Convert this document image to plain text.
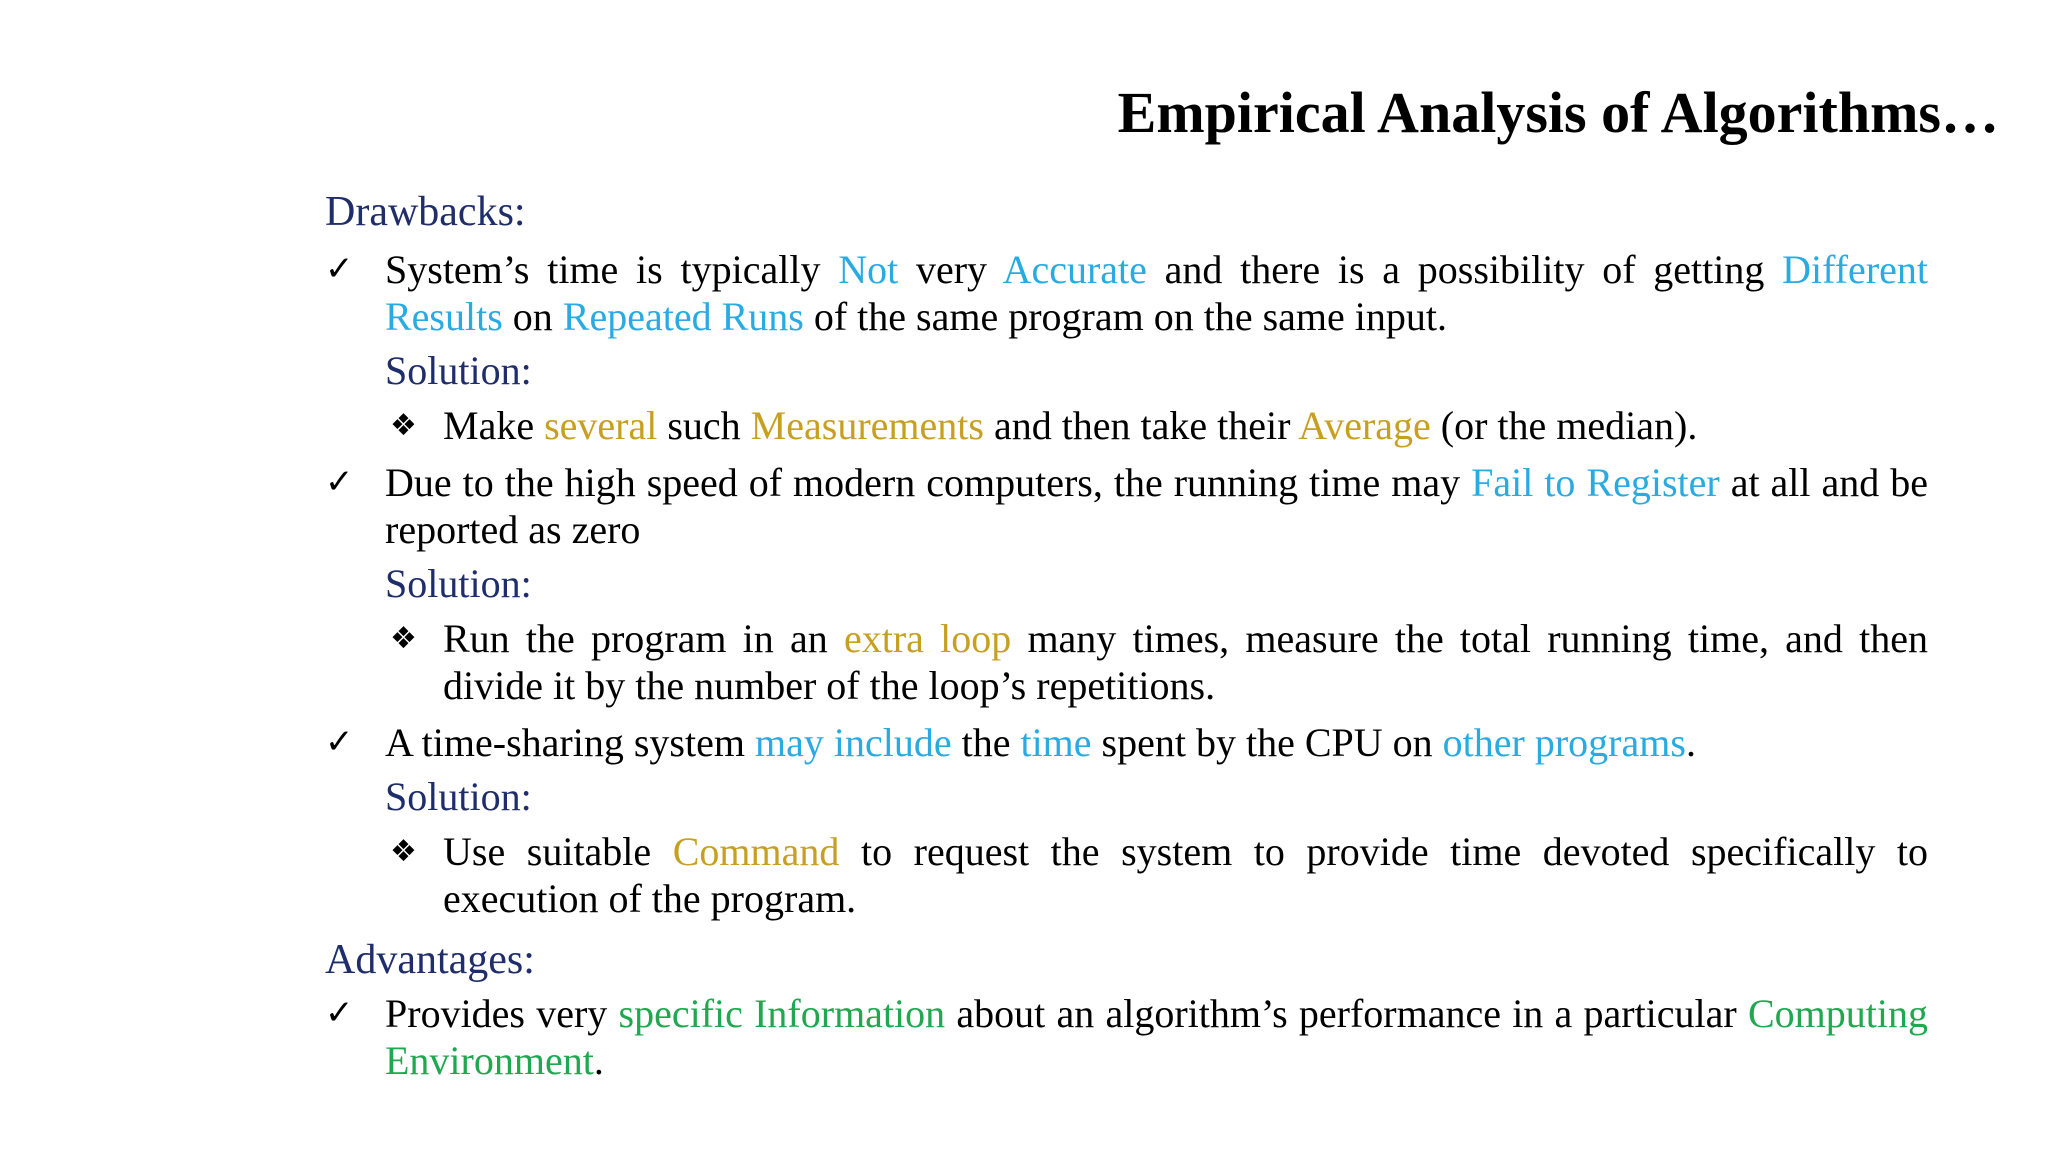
Empirical Analysis of Algorithms…
Drawbacks:
✓ System’s time is typically Not very Accurate and there is a possibility of getting Different Results on Repeated Runs of the same program on the same input.
Solution:
❖ Make several such Measurements and then take their Average (or the median).
✓ Due to the high speed of modern computers, the running time may Fail to Register at all and be reported as zero
Solution:
❖ Run the program in an extra loop many times, measure the total running time, and then divide it by the number of the loop’s repetitions.
✓ A time-sharing system may include the time spent by the CPU on other programs.
Solution:
❖ Use suitable Command to request the system to provide time devoted specifically to execution of the program.
Advantages:
✓ Provides very specific Information about an algorithm’s performance in a particular Computing Environment.
